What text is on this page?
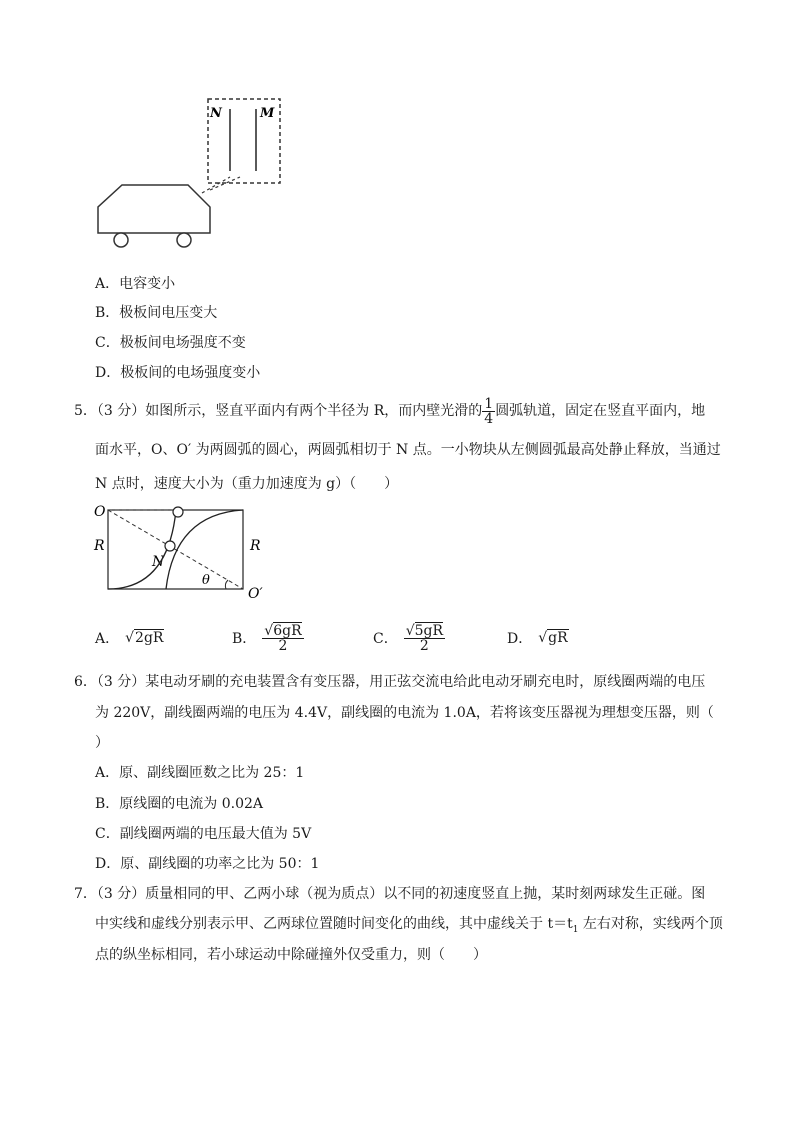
N	M
A．电容变小
B．极板间电压变大
C．极板间电场强度不变
D．极板间的电场强度变小
5．（3 分）如图所示，竖直平面内有两个半径为 R，而内壁光滑的 $\frac{1}{4}$ 圆弧轨道，固定在竖直平面内，地
面水平，O、O′ 为两圆弧的圆心，两圆弧相切于 N 点。一小物块从左侧圆弧最高处静止释放，当通过
N 点时，速度大小为（重力加速度为 g）（　　）
O
R	R
N
θ
O′
A． √2gR	B． $\frac{√6gR}{2}$	C． $\frac{√5gR}{2}$	D． √gR
6．（3 分）某电动牙刷的充电装置含有变压器，用正弦交流电给此电动牙刷充电时，原线圈两端的电压
为 220V，副线圈两端的电压为 4.4V，副线圈的电流为 1.0A，若将该变压器视为理想变压器，则（
）
A．原、副线圈匝数之比为 25：1
B．原线圈的电流为 0.02A
C．副线圈两端的电压最大值为 5V
D．原、副线圈的功率之比为 50：1
7．（3 分）质量相同的甲、乙两小球（视为质点）以不同的初速度竖直上抛，某时刻两球发生正碰。图
中实线和虚线分别表示甲、乙两球位置随时间变化的曲线，其中虚线关于 $t=t_1$ 左右对称，实线两个顶
点的纵坐标相同，若小球运动中除碰撞外仅受重力，则（　　）
